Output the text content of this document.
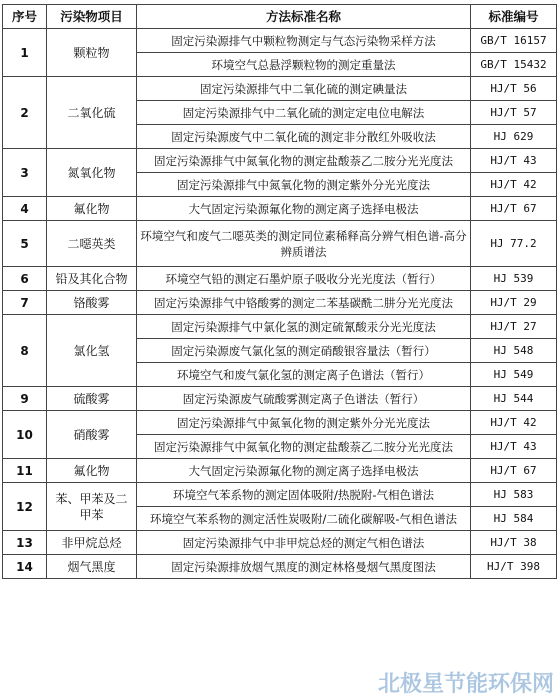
序号	污染物项目	方法标准名称	标准编号
1	颗粒物	固定污染源排气中颗粒物测定与气态污染物采样方法	GB/T 16157
		环境空气总悬浮颗粒物的测定重量法	GB/T 15432
2	二氧化硫	固定污染源排气中二氧化硫的测定碘量法	HJ/T 56
		固定污染源排气中二氧化硫的测定定电位电解法	HJ/T 57
		固定污染源废气中二氧化硫的测定非分散红外吸收法	HJ 629
3	氮氧化物	固定污染源排气中氮氧化物的测定盐酸萘乙二胺分光光度法	HJ/T 43
		固定污染源排气中氮氧化物的测定紫外分光光度法	HJ/T 42
4	氟化物	大气固定污染源氟化物的测定离子选择电极法	HJ/T 67
5	二噁英类	环境空气和废气二噁英类的测定同位素稀释高分辨气相色谱-高分辨质谱法	HJ 77.2
6	铅及其化合物	环境空气铅的测定石墨炉原子吸收分光光度法（暂行）	HJ 539
7	铬酸雾	固定污染源排气中铬酸雾的测定二苯基碳酰二肼分光光度法	HJ/T 29
8	氯化氢	固定污染源排气中氯化氢的测定硫氰酸汞分光光度法	HJ/T 27
		固定污染源废气氯化氢的测定硝酸银容量法（暂行）	HJ 548
		环境空气和废气氯化氢的测定离子色谱法（暂行）	HJ 549
9	硫酸雾	固定污染源废气硫酸雾测定离子色谱法（暂行）	HJ 544
10	硝酸雾	固定污染源排气中氮氧化物的测定紫外分光光度法	HJ/T 42
		固定污染源排气中氮氧化物的测定盐酸萘乙二胺分光光度法	HJ/T 43
11	氟化物	大气固定污染源氟化物的测定离子选择电极法	HJ/T 67
12	苯、甲苯及二甲苯	环境空气苯系物的测定固体吸附/热脱附-气相色谱法	HJ 583
		环境空气苯系物的测定活性炭吸附/二硫化碳解吸-气相色谱法	HJ 584
13	非甲烷总烃	固定污染源排气中非甲烷总烃的测定气相色谱法	HJ/T 38
14	烟气黑度	固定污染源排放烟气黑度的测定林格曼烟气黑度图法	HJ/T 398
北极星节能环保网
